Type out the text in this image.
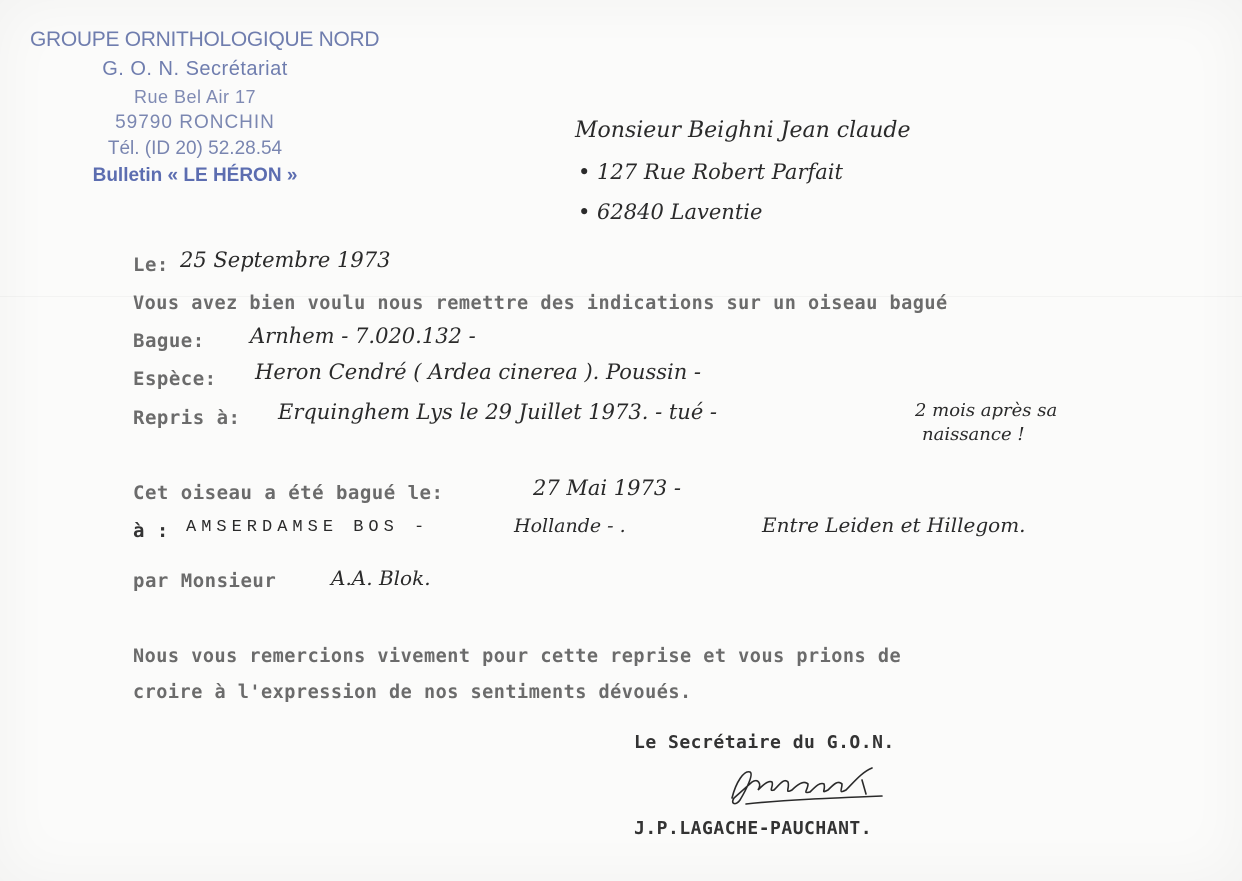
GROUPE ORNITHOLOGIQUE NORD
G. O. N. Secrétariat
Rue Bel Air 17
59790 RONCHIN
Tél. (ID 20) 52.28.54
Bulletin « LE HÉRON »
Monsieur Beighni Jean claude
• 127 Rue Robert Parfait
• 62840 Laventie
Le: 25 Septembre 1973
Vous avez bien voulu nous remettre des indications sur un oiseau bagué
Bague: Arnhem - 7.020.132 -
Espèce: Heron Cendré ( Ardea cinerea ). Poussin -
Repris à: Erquinghem Lys le 29 Juillet 1973. - tué -	2 mois après sa
naissance !
Cet oiseau a été bagué le:	27 Mai 1973 -
à : AMSERDAMSE BOS -	Hollande - .	Entre Leiden et Hillegom.
par Monsieur	A.A. Blok.
Nous vous remercions vivement pour cette reprise et vous prions de
croire à l'expression de nos sentiments dévoués.
Le Secrétaire du G.O.N.
J.P.LAGACHE-PAUCHANT.
